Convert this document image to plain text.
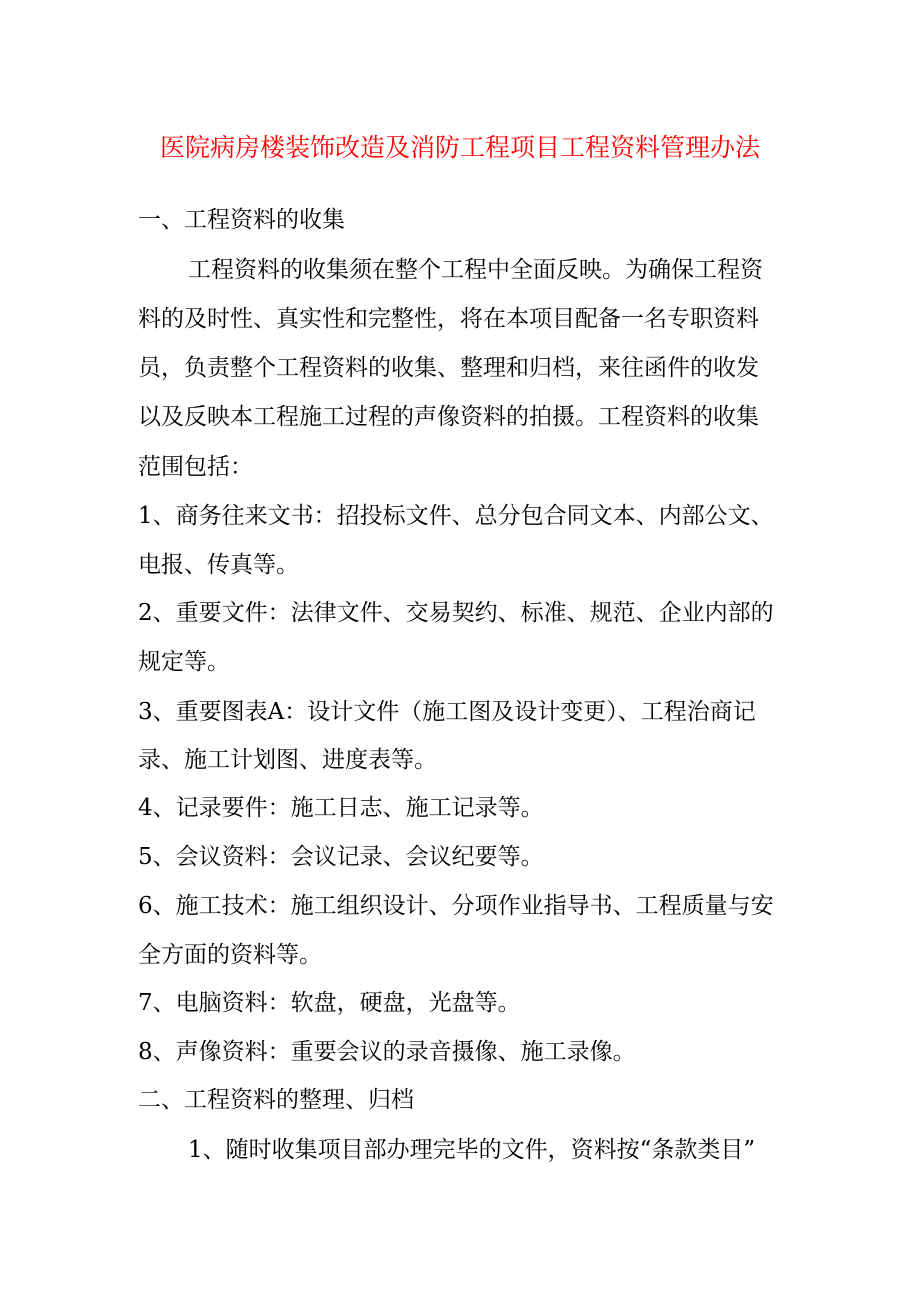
医院病房楼装饰改造及消防工程项目工程资料管理办法
一、工程资料的收集
工程资料的收集须在整个工程中全面反映。为确保工程资
料的及时性、真实性和完整性，将在本项目配备一名专职资料
员，负责整个工程资料的收集、整理和归档，来往函件的收发
以及反映本工程施工过程的声像资料的拍摄。工程资料的收集
范围包括：
1、商务往来文书：招投标文件、总分包合同文本、内部公文、
电报、传真等。
2、重要文件：法律文件、交易契约、标准、规范、企业内部的
规定等。
3、重要图表A：设计文件（施工图及设计变更）、工程治商记
录、施工计划图、进度表等。
4、记录要件：施工日志、施工记录等。
5、会议资料：会议记录、会议纪要等。
6、施工技术：施工组织设计、分项作业指导书、工程质量与安
全方面的资料等。
7、电脑资料：软盘，硬盘，光盘等。
8、声像资料：重要会议的录音摄像、施工录像。
二、工程资料的整理、归档
1、随时收集项目部办理完毕的文件，资料按“条款类目”
